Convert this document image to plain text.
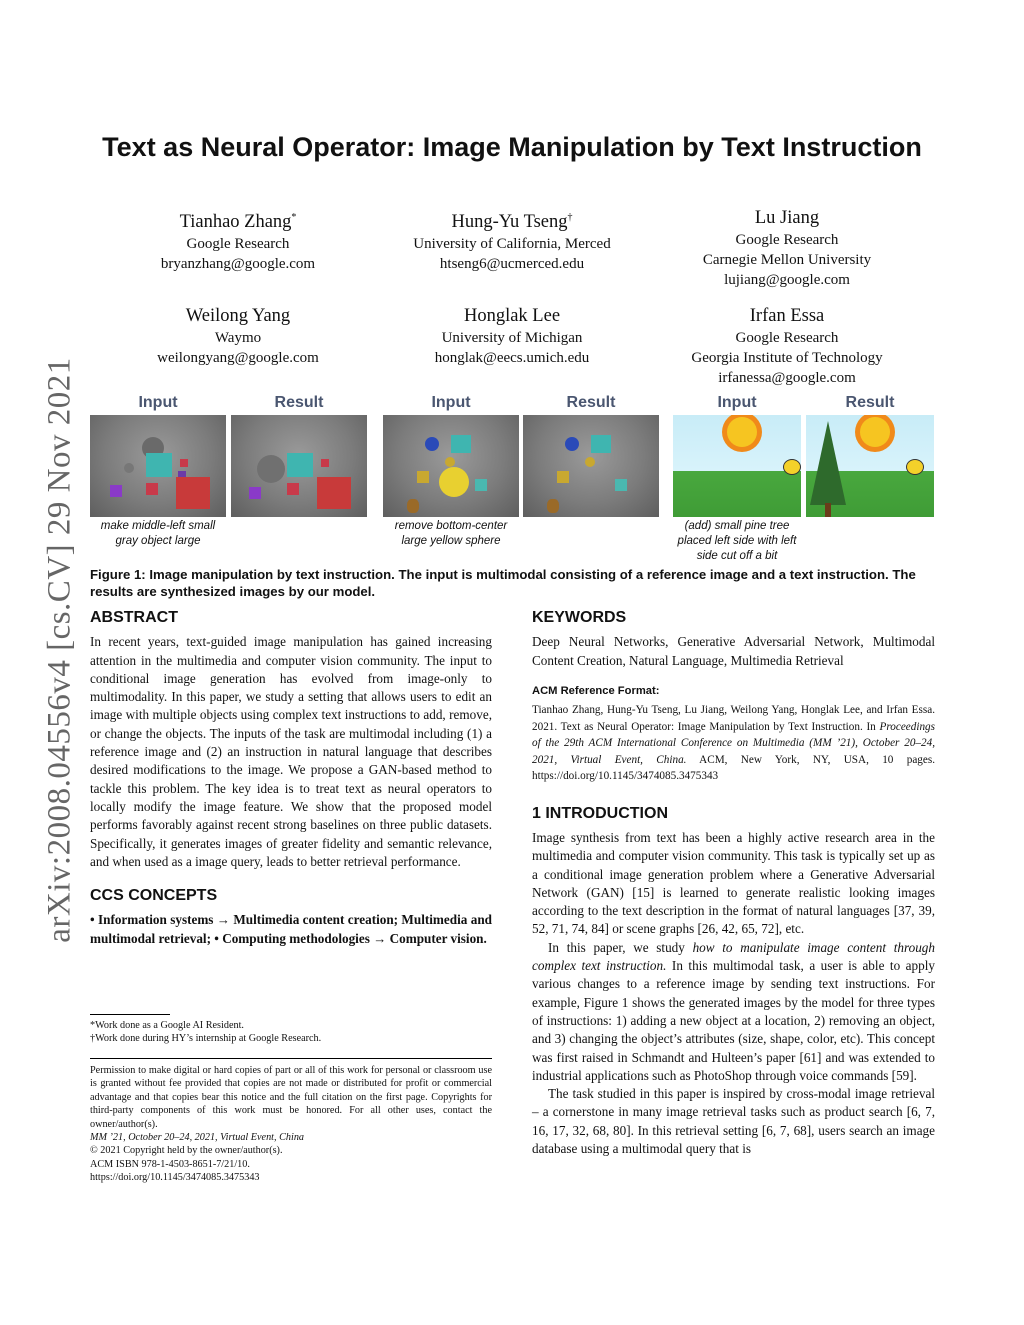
arXiv:2008.04556v4 [cs.CV] 29 Nov 2021
Text as Neural Operator: Image Manipulation by Text Instruction
Tianhao Zhang*
Google Research
bryanzhang@google.com
Hung-Yu Tseng†
University of California, Merced
htseng6@ucmerced.edu
Lu Jiang
Google Research
Carnegie Mellon University
lujiang@google.com
Weilong Yang
Waymo
weilongyang@google.com
Honglak Lee
University of Michigan
honglak@eecs.umich.edu
Irfan Essa
Google Research
Georgia Institute of Technology
irfanessa@google.com
Input	Result
make middle-left small gray object large
Input	Result
remove bottom-center large yellow sphere
Input	Result
(add) small pine tree placed left side with left side cut off a bit
Figure 1: Image manipulation by text instruction. The input is multimodal consisting of a reference image and a text instruction. The results are synthesized images by our model.
ABSTRACT

In recent years, text-guided image manipulation has gained increasing attention in the multimedia and computer vision community. The input to conditional image generation has evolved from image-only to multimodality. In this paper, we study a setting that allows users to edit an image with multiple objects using complex text instructions to add, remove, or change the objects. The inputs of the task are multimodal including (1) a reference image and (2) an instruction in natural language that describes desired modifications to the image. We propose a GAN-based method to tackle this problem. The key idea is to treat text as neural operators to locally modify the image feature. We show that the proposed model performs favorably against recent strong baselines on three public datasets. Specifically, it generates images of greater fidelity and semantic relevance, and when used as a image query, leads to better retrieval performance.

CCS CONCEPTS

• Information systems → Multimedia content creation; Multimedia and multimodal retrieval; • Computing methodologies → Computer vision.

*Work done as a Google AI Resident.

†Work done during HY’s internship at Google Research.

Permission to make digital or hard copies of part or all of this work for personal or classroom use is granted without fee provided that copies are not made or distributed for profit or commercial advantage and that copies bear this notice and the full citation on the first page. Copyrights for third-party components of this work must be honored. For all other uses, contact the owner/author(s).

MM ’21, October 20–24, 2021, Virtual Event, China

© 2021 Copyright held by the owner/author(s).

ACM ISBN 978-1-4503-8651-7/21/10.

https://doi.org/10.1145/3474085.3475343

KEYWORDS

Deep Neural Networks, Generative Adversarial Network, Multimodal Content Creation, Natural Language, Multimedia Retrieval

ACM Reference Format:

Tianhao Zhang, Hung-Yu Tseng, Lu Jiang, Weilong Yang, Honglak Lee, and Irfan Essa. 2021. Text as Neural Operator: Image Manipulation by Text Instruction. In Proceedings of the 29th ACM International Conference on Multimedia (MM ’21), October 20–24, 2021, Virtual Event, China. ACM, New York, NY, USA, 10 pages. https://doi.org/10.1145/3474085.3475343

1 INTRODUCTION

Image synthesis from text has been a highly active research area in the multimedia and computer vision community. This task is typically set up as a conditional image generation problem where a Generative Adversarial Network (GAN) [15] is learned to generate realistic looking images according to the text description in the format of natural languages [37, 39, 52, 71, 74, 84] or scene graphs [26, 42, 65, 72], etc.

In this paper, we study how to manipulate image content through complex text instruction. In this multimodal task, a user is able to apply various changes to a reference image by sending text instructions. For example, Figure 1 shows the generated images by the model for three types of instructions: 1) adding a new object at a location, 2) removing an object, and 3) changing the object’s attributes (size, shape, color, etc). This concept was first raised in Schmandt and Hulteen’s paper [61] and was extended to industrial applications such as PhotoShop through voice commands [59].

The task studied in this paper is inspired by cross-modal image retrieval – a cornerstone in many image retrieval tasks such as product search [6, 7, 16, 17, 32, 68, 80]. In this retrieval setting [6, 7, 68], users search an image database using a multimodal query that is
